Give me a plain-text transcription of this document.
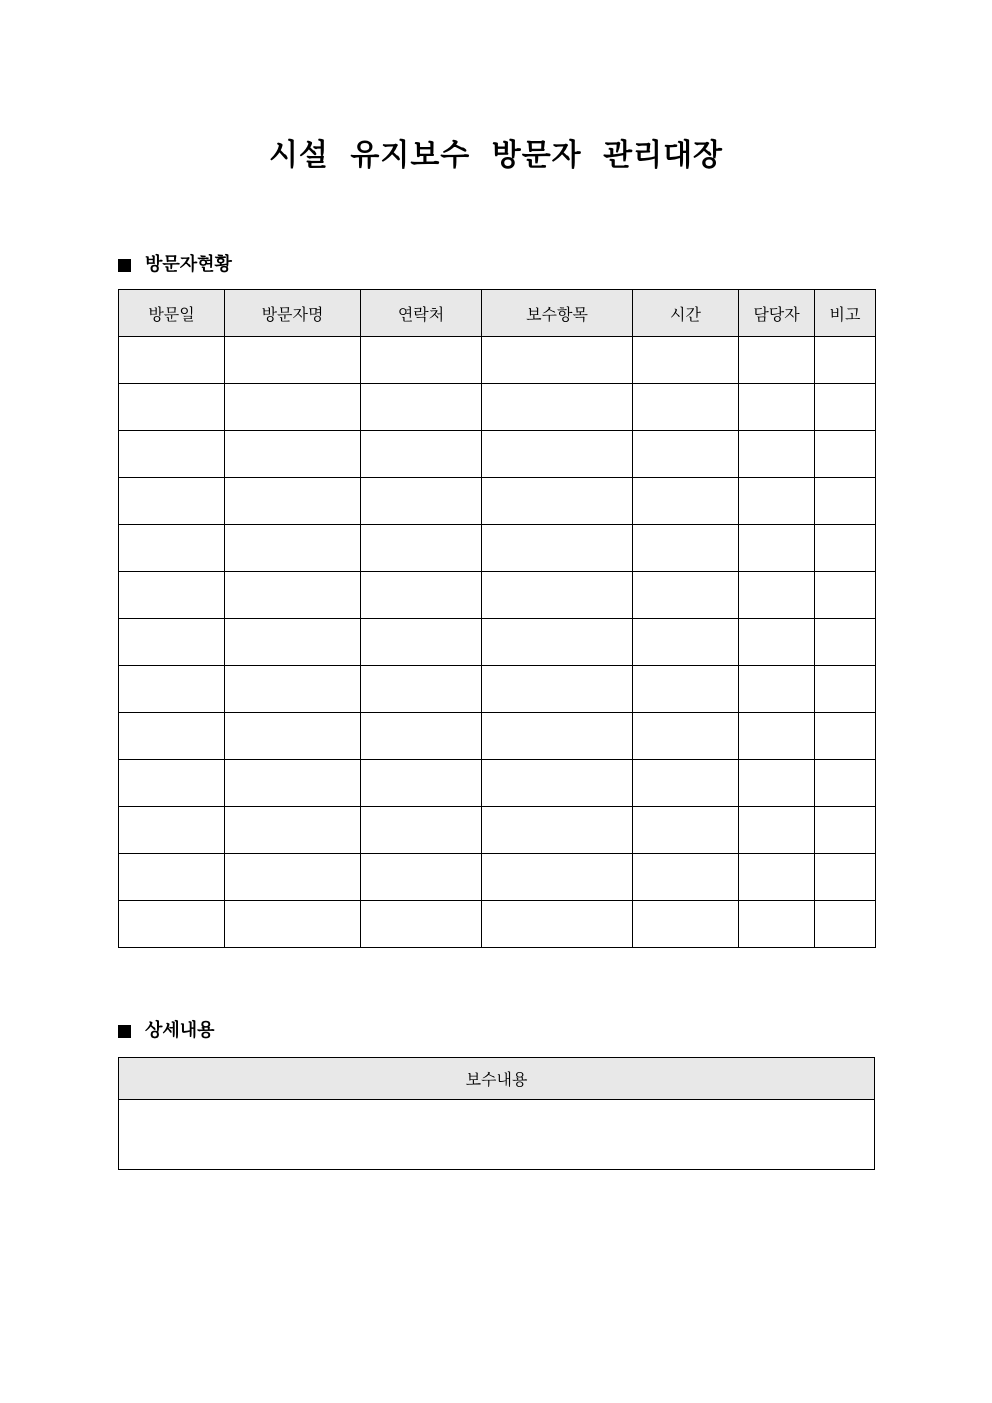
시설 유지보수 방문자 관리대장
방문자현황
방문일	방문자명	연락처	보수항목	시간	담당자	비고

상세내용
보수내용
